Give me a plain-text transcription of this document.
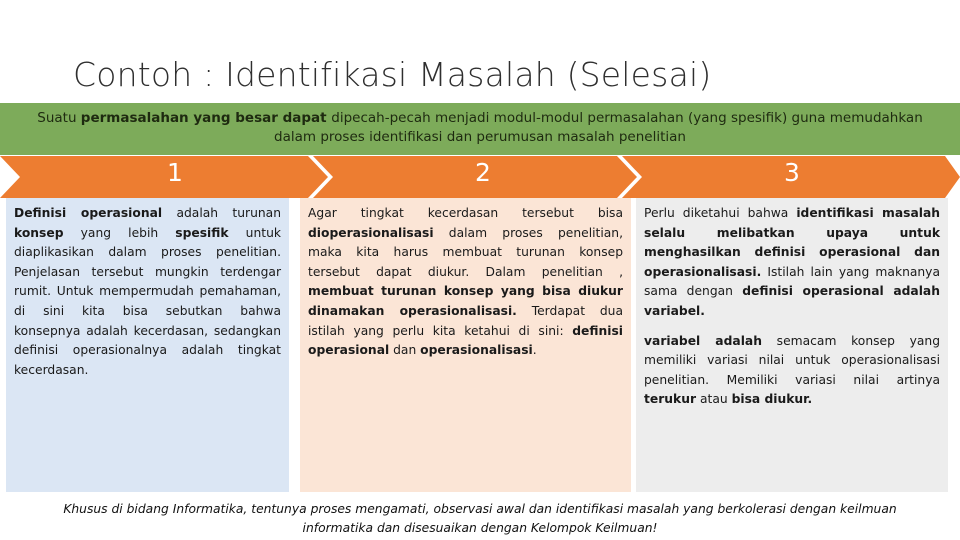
Contoh : Identifikasi Masalah (Selesai)
Suatu permasalahan yang besar dapat dipecah-pecah menjadi modul-modul permasalahan (yang spesifik) guna memudahkan
dalam proses identifikasi dan perumusan masalah penelitian
1	2	3

Definisi operasional adalah turunan konsep yang lebih spesifik untuk diaplikasikan dalam proses penelitian. Penjelasan tersebut mungkin terdengar rumit. Untuk mempermudah pemahaman, di sini kita bisa sebutkan bahwa konsepnya adalah kecerdasan, sedangkan definisi operasionalnya adalah tingkat kecerdasan.

Agar tingkat kecerdasan tersebut bisa dioperasionalisasi dalam proses penelitian, maka kita harus membuat turunan konsep tersebut dapat diukur. Dalam penelitian , membuat turunan konsep yang bisa diukur dinamakan operasionalisasi. Terdapat dua istilah yang perlu kita ketahui di sini: definisi operasional dan operasionalisasi.

Perlu diketahui bahwa identifikasi masalah selalu melibatkan upaya untuk menghasilkan definisi operasional dan operasionalisasi. Istilah lain yang maknanya sama dengan definisi operasional adalah variabel.

variabel adalah semacam konsep yang memiliki variasi nilai untuk operasionalisasi penelitian. Memiliki variasi nilai artinya terukur atau bisa diukur.

Khusus di bidang Informatika, tentunya proses mengamati, observasi awal dan identifikasi masalah yang berkolerasi dengan keilmuan informatika dan disesuaikan dengan Kelompok Keilmuan!
